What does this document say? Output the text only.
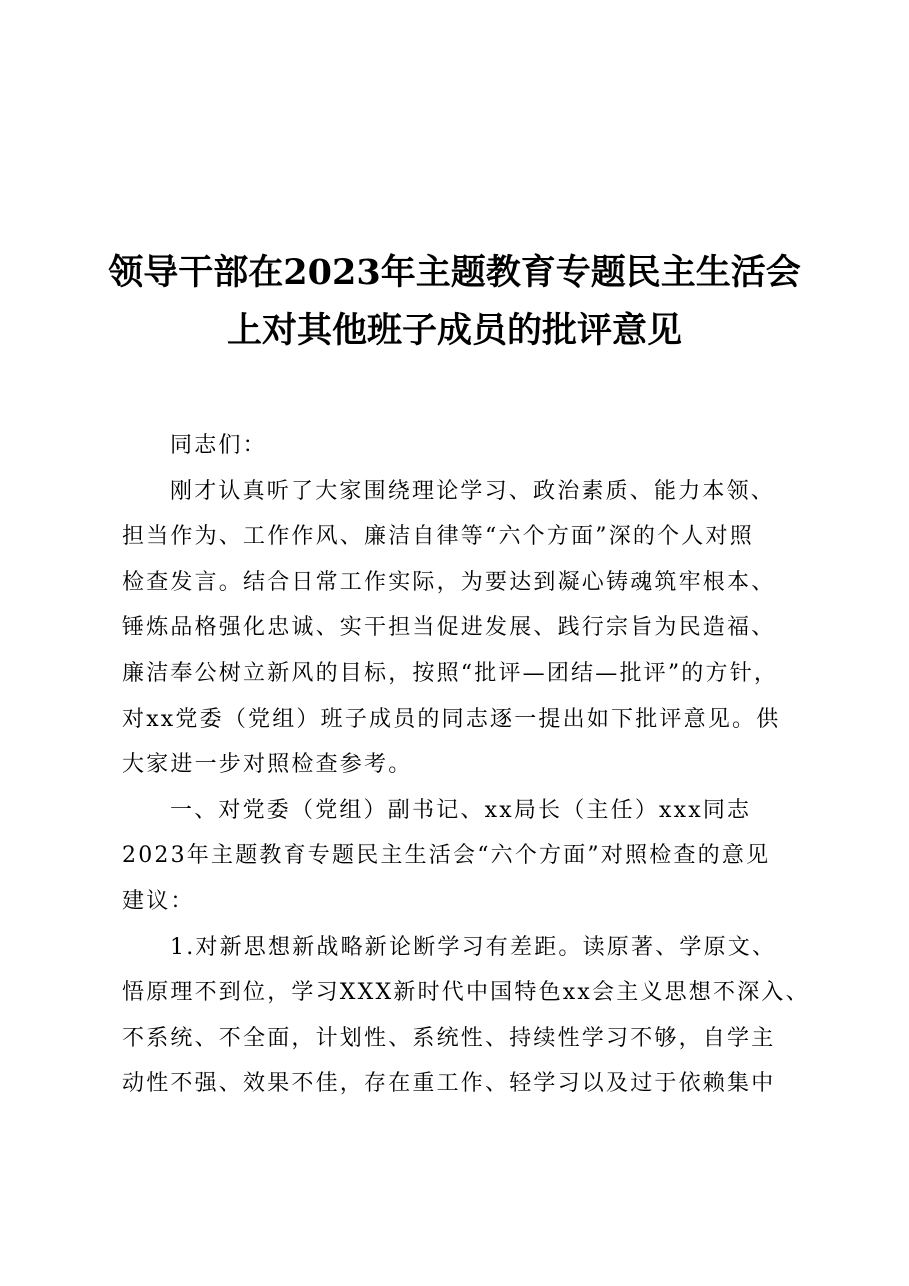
领导干部在2023年主题教育专题民主生活会
上对其他班子成员的批评意见
同志们：
刚才认真听了大家围绕理论学习、政治素质、能力本领、
担当作为、工作作风、廉洁自律等“六个方面”深的个人对照
检查发言。结合日常工作实际，为要达到凝心铸魂筑牢根本、
锤炼品格强化忠诚、实干担当促进发展、践行宗旨为民造福、
廉洁奉公树立新风的目标，按照“批评—团结—批评”的方针，
对xx党委（党组）班子成员的同志逐一提出如下批评意见。供
大家进一步对照检查参考。
一、对党委（党组）副书记、xx局长（主任）xxx同志
2023年主题教育专题民主生活会“六个方面”对照检查的意见
建议：
1.对新思想新战略新论断学习有差距。读原著、学原文、
悟原理不到位，学习XXX新时代中国特色xx会主义思想不深入、
不系统、不全面，计划性、系统性、持续性学习不够，自学主
动性不强、效果不佳，存在重工作、轻学习以及过于依赖集中
